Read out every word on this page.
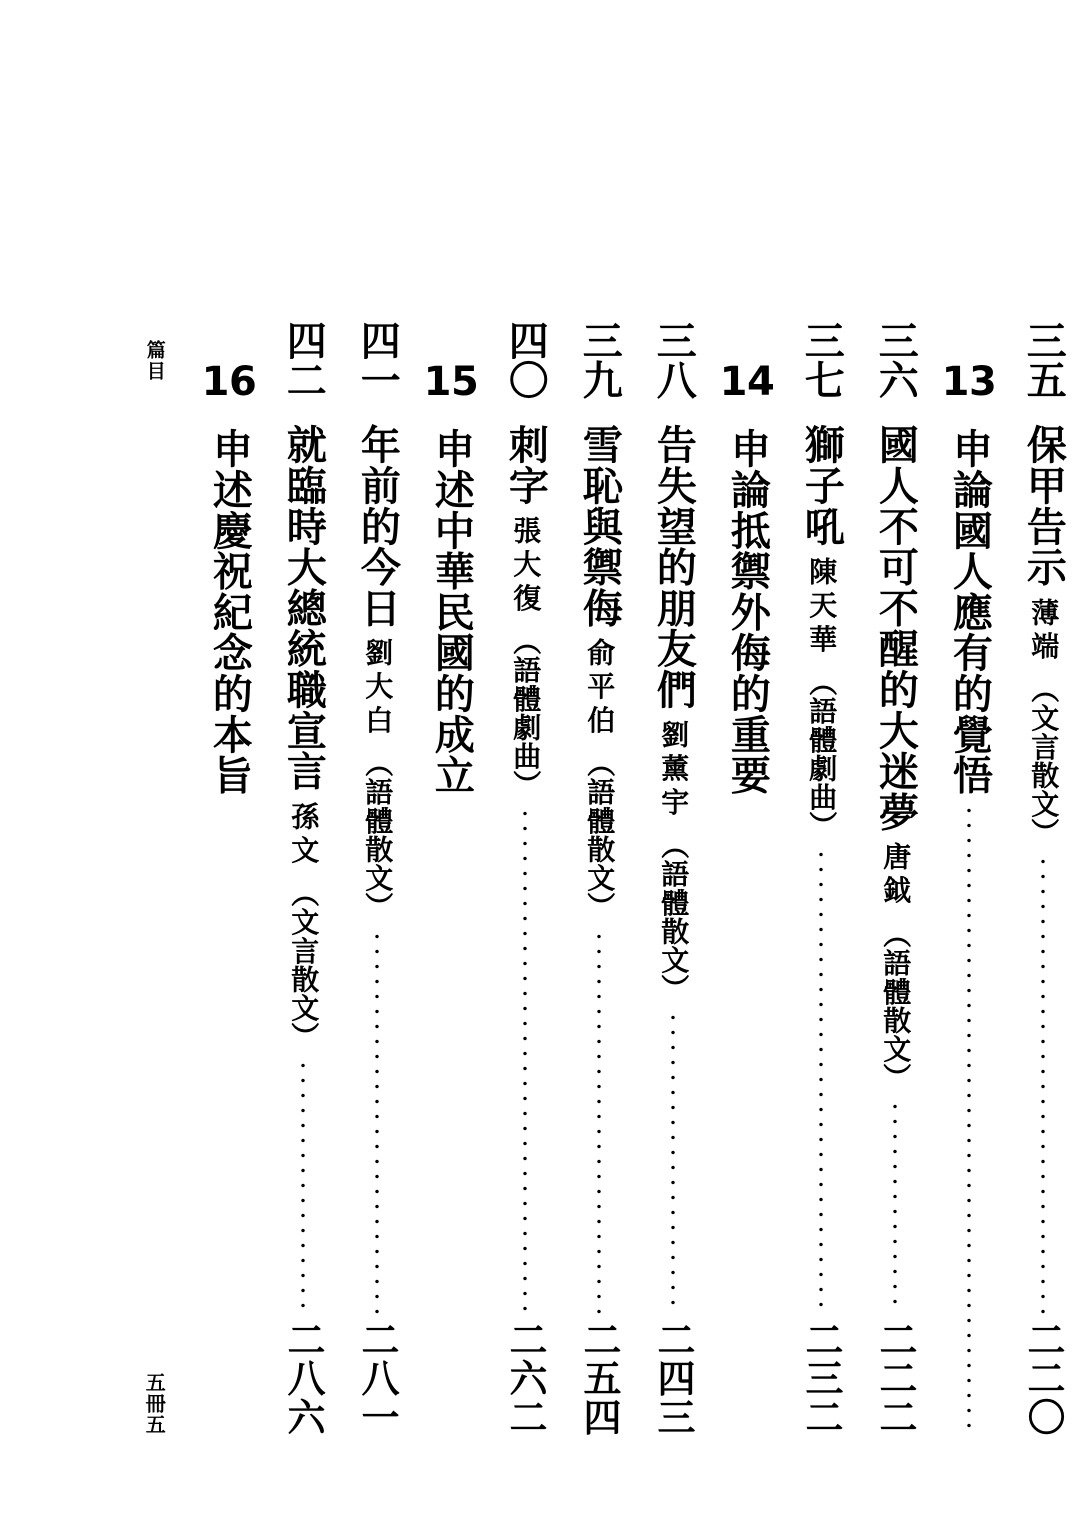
三五
保甲告示
薄端
（文言散文）
二二〇
13
申論國人應有的覺悟
三六
國人不可不醒的大迷夢
唐鉞
（語體散文）
二二二
三七
獅子吼
陳天華
（語體劇曲）
二三二
14
申論抵禦外侮的重要
三八
告失望的朋友們
劉薰宇
（語體散文）
二四三
三九
雪恥與禦侮
俞平伯
（語體散文）
二五四
四〇
刺字
張大復
（語體劇曲）
二六二
15
申述中華民國的成立
四一
年前的今日
劉大白
（語體散文）
二八一
四二
就臨時大總統職宣言
孫文
（文言散文）
二八六
16
申述慶祝紀念的本旨
篇目
五冊五
